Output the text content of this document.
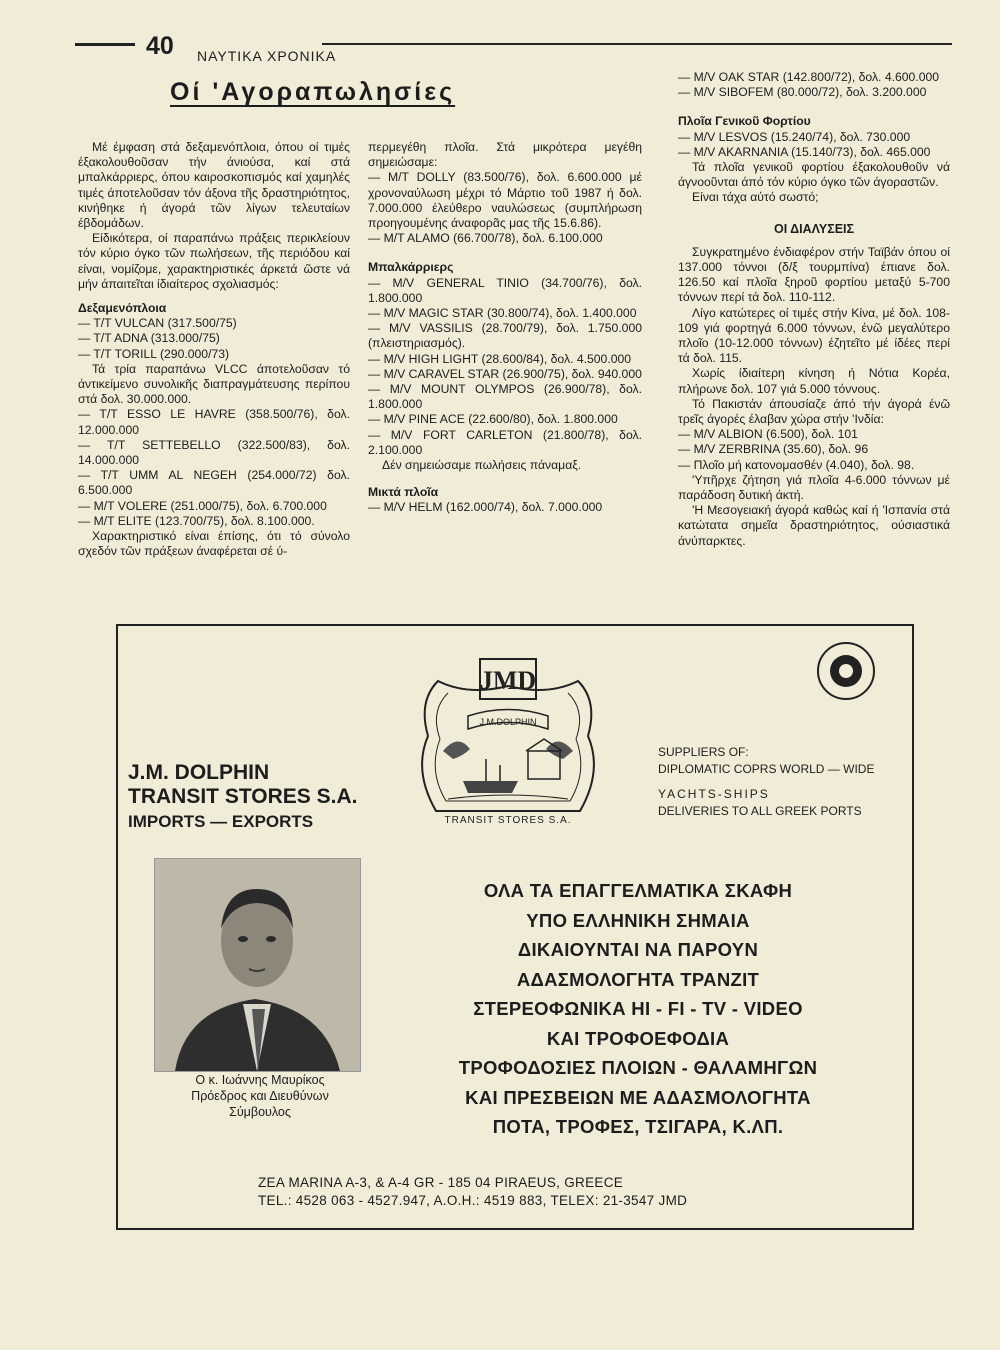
40 ΝΑΥΤΙΚΑ ΧΡΟΝΙΚΑ
Οί 'Αγοραπωλησίες

Μέ έμφαση στά δεξαμενόπλοια, όπου οί τιμές έξακολουθοῦσαν τήν άνιούσα, καί στά μπαλκάρριερς, όπου καιροσκοπισμός καί χαμηλές τιμές άποτελοῦσαν τόν άξονα τῆς δραστηριότητος, κινήθηκε ή άγορά τῶν λίγων τελευταίων έβδομάδων.

Είδικότερα, οί παραπάνω πράξεις περικλείουν τόν κύριο όγκο τῶν πωλήσεων, τῆς περιόδου καί είναι, νομίζομε, χαρακτηριστικές άρκετά ῶστε νά μήν άπαιτεῖται ίδιαίτερος σχολιασμός:

Δεξαμενόπλοια

— T/T VULCAN (317.500/75)

— T/T ADNA (313.000/75)

— T/T TORILL (290.000/73)

Τά τρία παραπάνω VLCC άποτελοῦσαν τό άντικείμενο συνολικῆς διαπραγμάτευσης περίπου στά δολ. 30.000.000.

— T/T ESSO LE HAVRE (358.500/76), δολ. 12.000.000

— T/T SETTEBELLO (322.500/83), δολ. 14.000.000

— T/T UMM AL NEGEH (254.000/72) δολ. 6.500.000

— M/T VOLERE (251.000/75), δολ. 6.700.000

— M/T ELITE (123.700/75), δολ. 8.100.000.

Χαρακτηριστικό είναι έπίσης, ότι τό σύνολο σχεδόν τῶν πράξεων άναφέρεται σέ ύ-

περμεγέθη πλοῖα. Στά μικρότερα μεγέθη σημειώσαμε:

— M/T DOLLY (83.500/76), δολ. 6.600.000 μέ χρονοναύλωση μέχρι τό Μάρτιο τοῦ 1987 ή δολ. 7.000.000 έλεύθερο ναυλώσεως (συμπλήρωση προηγουμένης άναφορᾶς μας τῆς 15.6.86).

— M/T ALAMO (66.700/78), δολ. 6.100.000

Μπαλκάρριερς

— M/V GENERAL TINIO (34.700/76), δολ. 1.800.000

— M/V MAGIC STAR (30.800/74), δολ. 1.400.000

— M/V VASSILIS (28.700/79), δολ. 1.750.000 (πλειστηριασμός).

— M/V HIGH LIGHT (28.600/84), δολ. 4.500.000

— M/V CARAVEL STAR (26.900/75), δολ. 940.000

— M/V MOUNT OLYMPOS (26.900/78), δολ. 1.800.000

— M/V PINE ACE (22.600/80), δολ. 1.800.000

— M/V FORT CARLETON (21.800/78), δολ. 2.100.000

Δέν σημειώσαμε πωλήσεις πάναμαξ.

Μικτά πλοῖα

— M/V HELM (162.000/74), δολ. 7.000.000

— M/V OAK STAR (142.800/72), δολ. 4.600.000

— M/V SIBOFEM (80.000/72), δολ. 3.200.000

Πλοῖα Γενικοῦ Φορτίου

— M/V LESVOS (15.240/74), δολ. 730.000

— M/V AKARNANIA (15.140/73), δολ. 465.000

Τά πλοῖα γενικοῦ φορτίου έξακολουθοῦν νά άγνοοῦνται άπό τόν κύριο όγκο τῶν άγοραστῶν.

Είναι τάχα αύτό σωστό;

ΟΙ ΔΙΑΛΥΣΕΙΣ

Συγκρατημένο ένδιαφέρον στήν Ταϊβάν όπου οί 137.000 τόννοι (δ/ξ τουρμπίνα) έπιανε δολ. 126.50 καί πλοῖα ξηροῦ φορτίου μεταξύ 5-700 τόννων περί τά δολ. 110-112.

Λίγο κατώτερες οί τιμές στήν Κίνα, μέ δολ. 108-109 γιά φορτηγά 6.000 τόννων, ένῶ μεγαλύτερο πλοῖο (10-12.000 τόννων) έζητεῖτο μέ ίδέες περί τά δολ. 115.

Χωρίς ίδιαίτερη κίνηση ή Νότια Κορέα, πλήρωνε δολ. 107 γιά 5.000 τόννους.

Τό Πακιστάν άπουσίαζε άπό τήν άγορά ένῶ τρεῖς άγορές έλαβαν χώρα στήν 'Ινδία:

— M/V ALBION (6.500), δολ. 101

— M/V ZERBRINA (35.60), δολ. 96

— Πλοῖο μή κατονομασθέν (4.040), δολ. 98.

'Υπῆρχε ζήτηση γιά πλοῖα 4-6.000 τόννων μέ παράδοση δυτική άκτή.

'Η Μεσογειακή άγορά καθώς καί ή 'Ισπανία στά κατώτατα σημεῖα δραστηριότητος, ούσιαστικά άνύπαρκτες.

JMD
J.M.DOLPHIN
TRANSIT STORES S.A.
J.M. DOLPHIN
TRANSIT STORES S.A.
IMPORTS — EXPORTS
SUPPLIERS OF:
DIPLOMATIC COPRS WORLD — WIDE
YACHTS-SHIPS
DELIVERIES TO ALL GREEK PORTS
Ο κ. Ιωάννης Μαυρίκος
Πρόεδρος και Διευθύνων
Σύμβουλος
ΟΛΑ ΤΑ ΕΠΑΓΓΕΛΜΑΤΙΚΑ ΣΚΑΦΗ
ΥΠΟ ΕΛΛΗΝΙΚΗ ΣΗΜΑΙΑ
ΔΙΚΑΙΟΥΝΤΑΙ ΝΑ ΠΑΡΟΥΝ
ΑΔΑΣΜΟΛΟΓΗΤΑ ΤΡΑΝΖΙΤ
ΣΤΕΡΕΟΦΩΝΙΚΑ HI - FI - TV - VIDEO
ΚΑΙ ΤΡΟΦΟΕΦΟΔΙΑ
ΤΡΟΦΟΔΟΣΙΕΣ ΠΛΟΙΩΝ - ΘΑΛΑΜΗΓΩΝ
ΚΑΙ ΠΡΕΣΒΕΙΩΝ ΜΕ ΑΔΑΣΜΟΛΟΓΗΤΑ
ΠΟΤΑ, ΤΡΟΦΕΣ, ΤΣΙΓΑΡΑ, Κ.ΛΠ.
ZEA MARINA A-3, & A-4 GR - 185 04 PIRAEUS, GREECE
TEL.: 4528 063 - 4527.947, A.O.H.: 4519 883, TELEX: 21-3547 JMD
